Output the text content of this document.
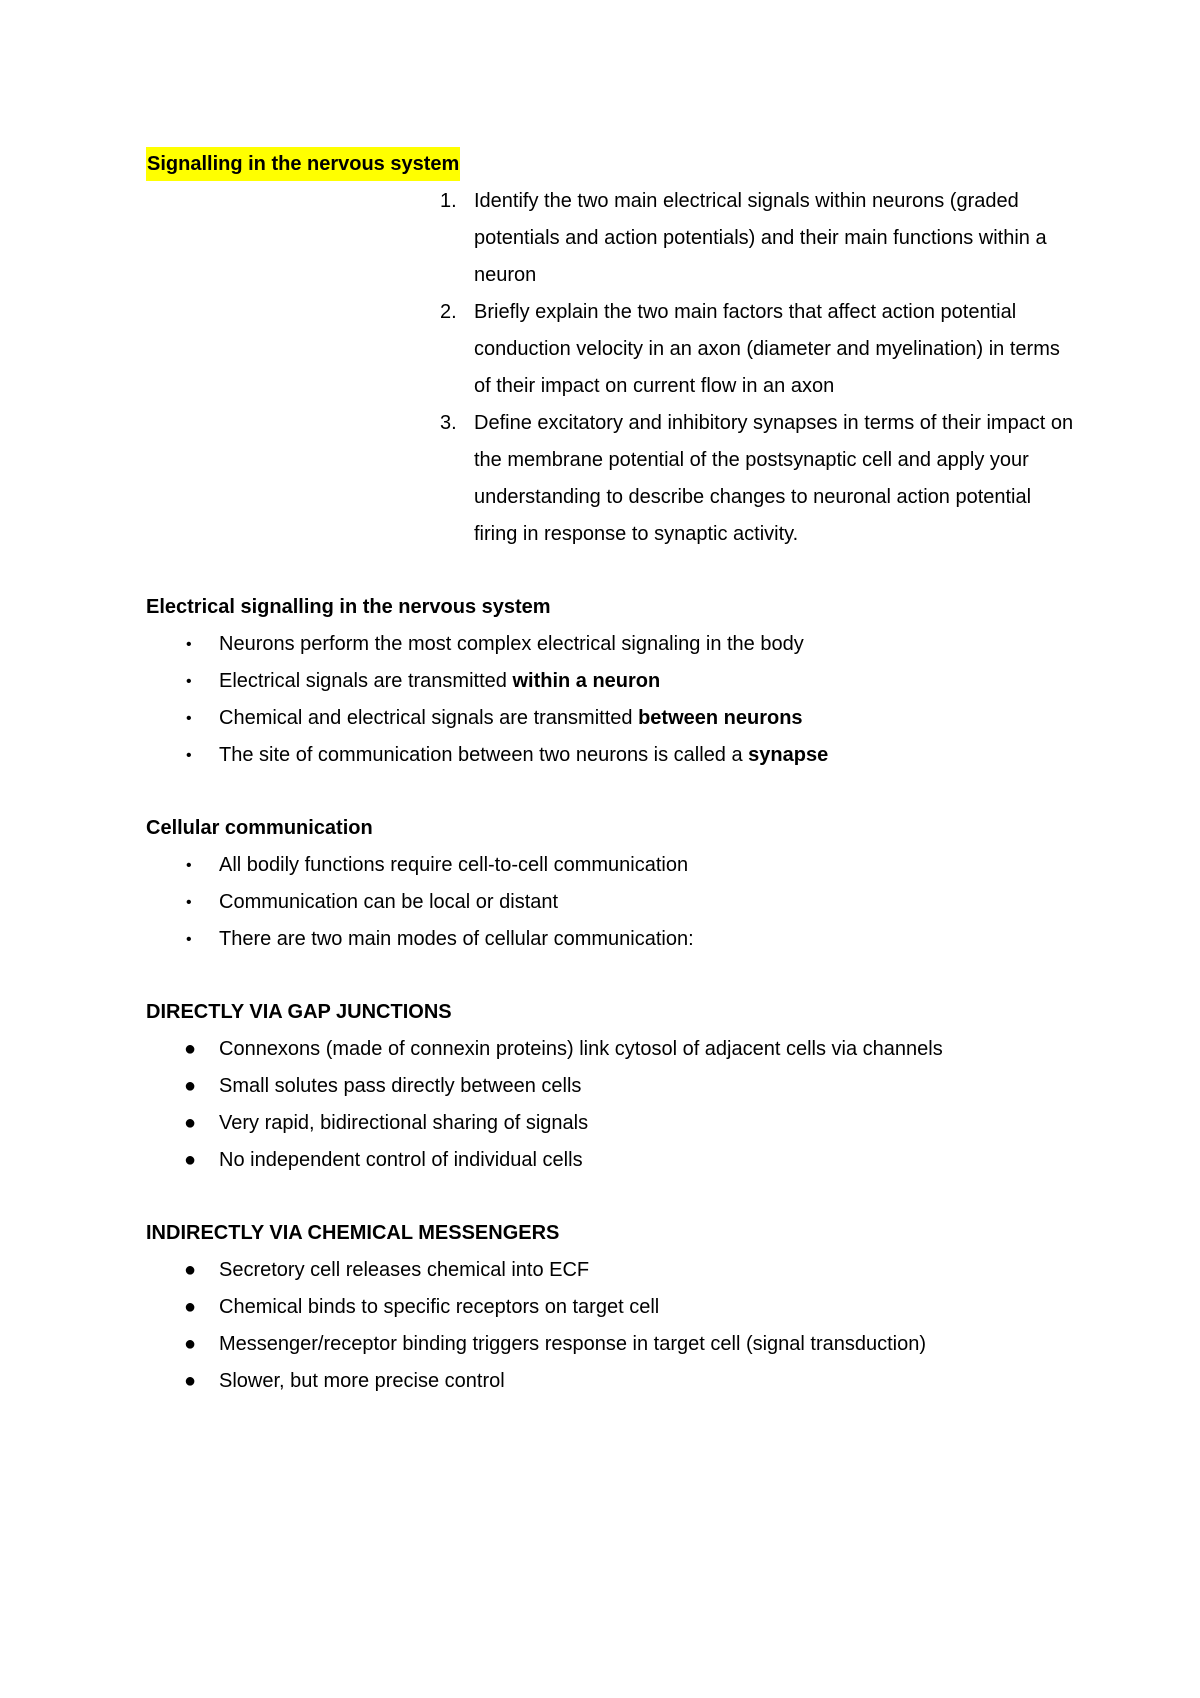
Signalling in the nervous system
1. Identify the two main electrical signals within neurons (graded potentials and action potentials) and their main functions within a neuron
2. Briefly explain the two main factors that affect action potential conduction velocity in an axon (diameter and myelination) in terms of their impact on current flow in an axon
3. Define excitatory and inhibitory synapses in terms of their impact on the membrane potential of the postsynaptic cell and apply your understanding to describe changes to neuronal action potential firing in response to synaptic activity.
Electrical signalling in the nervous system
• Neurons perform the most complex electrical signaling in the body
• Electrical signals are transmitted within a neuron
• Chemical and electrical signals are transmitted between neurons
• The site of communication between two neurons is called a synapse
Cellular communication
• All bodily functions require cell-to-cell communication
• Communication can be local or distant
• There are two main modes of cellular communication:
DIRECTLY VIA GAP JUNCTIONS
● Connexons (made of connexin proteins) link cytosol of adjacent cells via channels
● Small solutes pass directly between cells
● Very rapid, bidirectional sharing of signals
● No independent control of individual cells
INDIRECTLY VIA CHEMICAL MESSENGERS
● Secretory cell releases chemical into ECF
● Chemical binds to specific receptors on target cell
● Messenger/receptor binding triggers response in target cell (signal transduction)
● Slower, but more precise control
